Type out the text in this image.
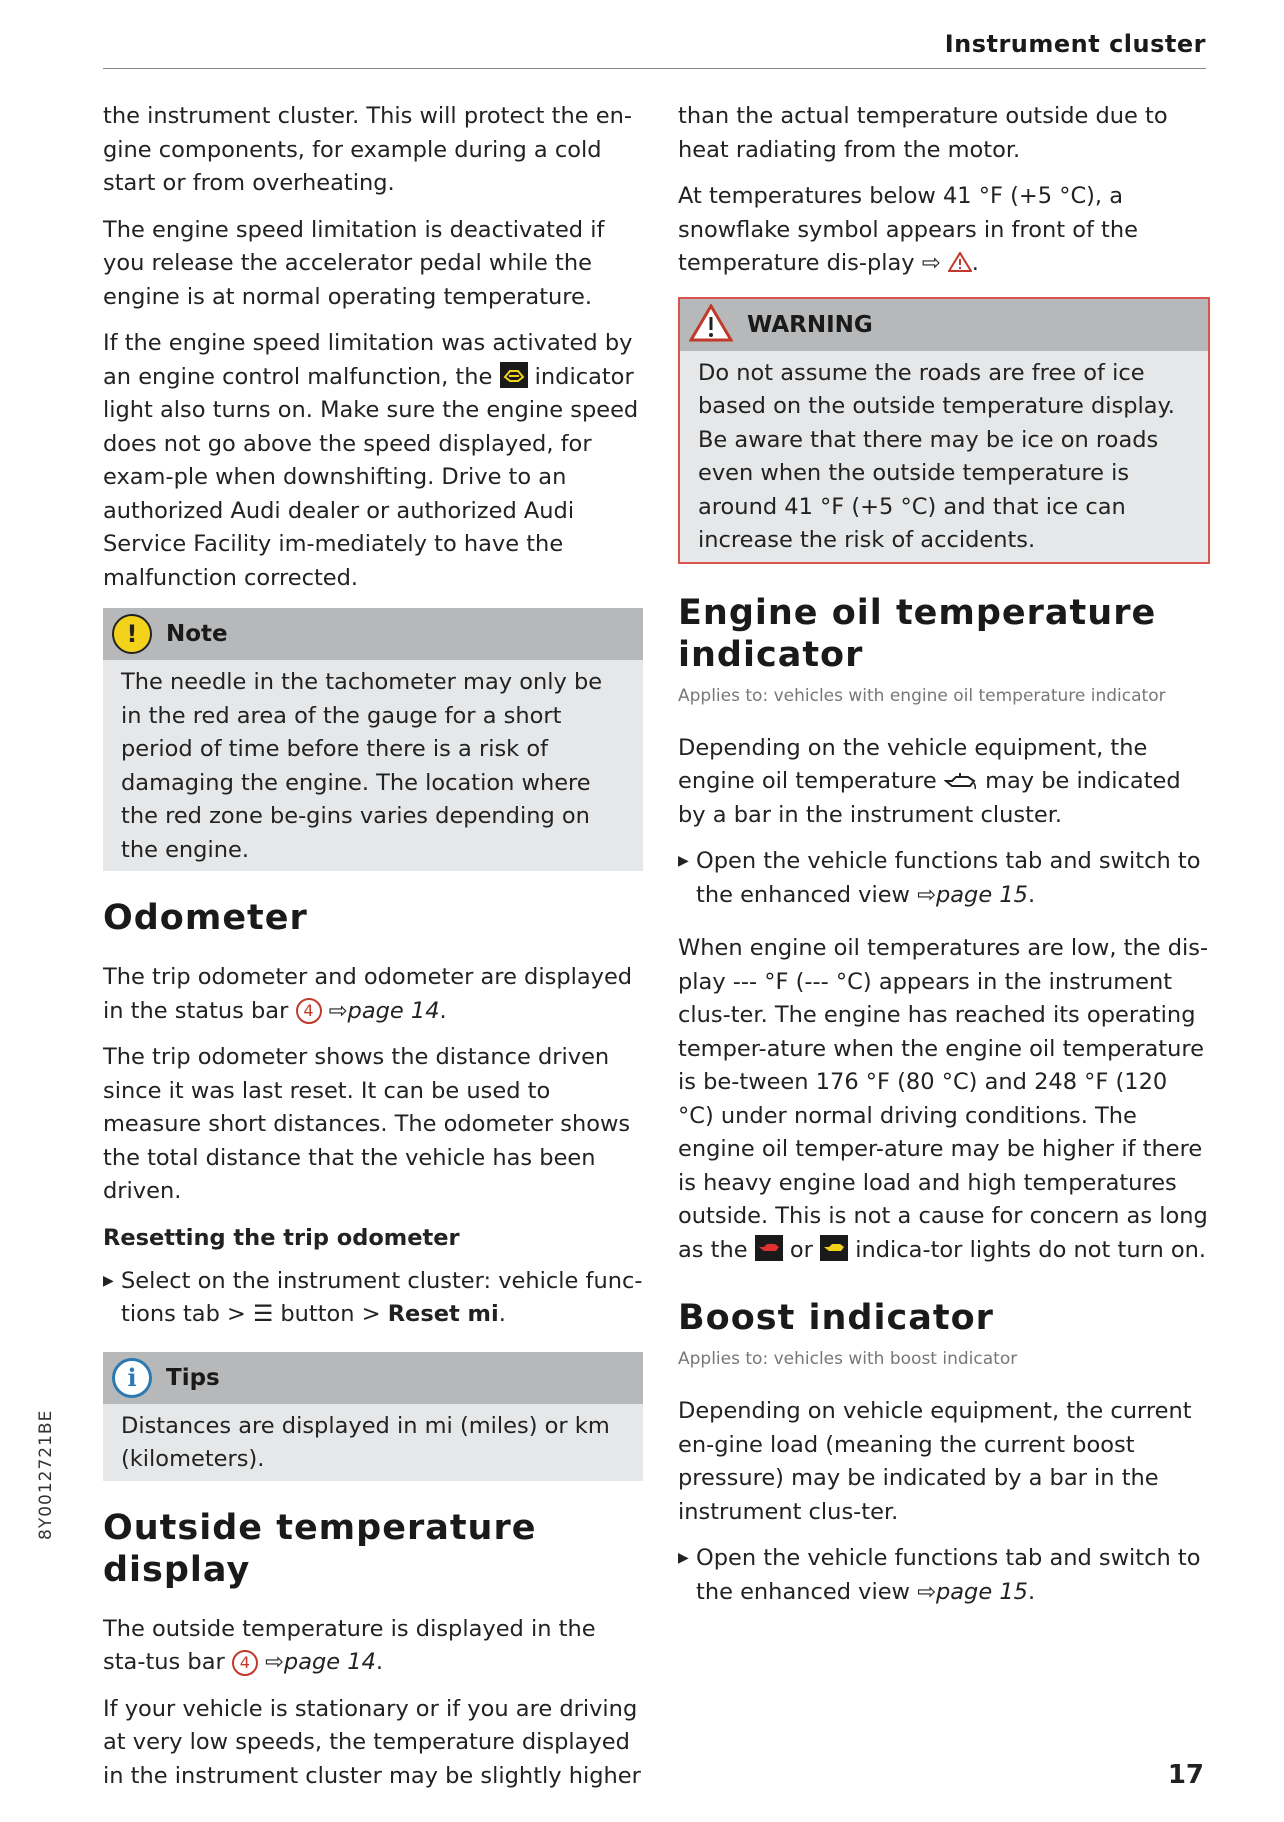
Instrument cluster

the instrument cluster. This will protect the en-gine components, for example during a cold start or from overheating.

The engine speed limitation is deactivated if you release the accelerator pedal while the engine is at normal operating temperature.

If the engine speed limitation was activated by an engine control malfunction, the indicator light also turns on. Make sure the engine speed does not go above the speed displayed, for exam-ple when downshifting. Drive to an authorized Audi dealer or authorized Audi Service Facility im-mediately to have the malfunction corrected.

!	Note

The needle in the tachometer may only be in the red area of the gauge for a short period of time before there is a risk of damaging the engine. The location where the red zone be-gins varies depending on the engine.

Odometer

The trip odometer and odometer are displayed in the status bar 4 ⇨page 14.

The trip odometer shows the distance driven since it was last reset. It can be used to measure short distances. The odometer shows the total distance that the vehicle has been driven.

Resetting the trip odometer
▶ Select on the instrument cluster: vehicle func-tions tab > ☰ button > Reset mi.
i	Tips

Distances are displayed in mi (miles) or km (kilometers).

Outside temperature display

The outside temperature is displayed in the sta-tus bar 4 ⇨page 14.

If your vehicle is stationary or if you are driving at very low speeds, the temperature displayed in the instrument cluster may be slightly higher

than the actual temperature outside due to heat radiating from the motor.

At temperatures below 41 °F (+5 °C), a snowflake symbol appears in front of the temperature dis-play ⇨ .

WARNING

Do not assume the roads are free of ice based on the outside temperature display. Be aware that there may be ice on roads even when the outside temperature is around 41 °F (+5 °C) and that ice can increase the risk of accidents.

Engine oil temperature indicator
Applies to: vehicles with engine oil temperature indicator

Depending on the vehicle equipment, the engine oil temperature may be indicated by a bar in the instrument cluster.

▶ Open the vehicle functions tab and switch to the enhanced view ⇨page 15.

When engine oil temperatures are low, the dis-play --- °F (--- °C) appears in the instrument clus-ter. The engine has reached its operating temper-ature when the engine oil temperature is be-tween 176 °F (80 °C) and 248 °F (120 °C) under normal driving conditions. The engine oil temper-ature may be higher if there is heavy engine load and high temperatures outside. This is not a cause for concern as long as the or indica-tor lights do not turn on.

Boost indicator
Applies to: vehicles with boost indicator

Depending on vehicle equipment, the current en-gine load (meaning the current boost pressure) may be indicated by a bar in the instrument clus-ter.

▶ Open the vehicle functions tab and switch to the enhanced view ⇨page 15.
8Y0012721BE
17
